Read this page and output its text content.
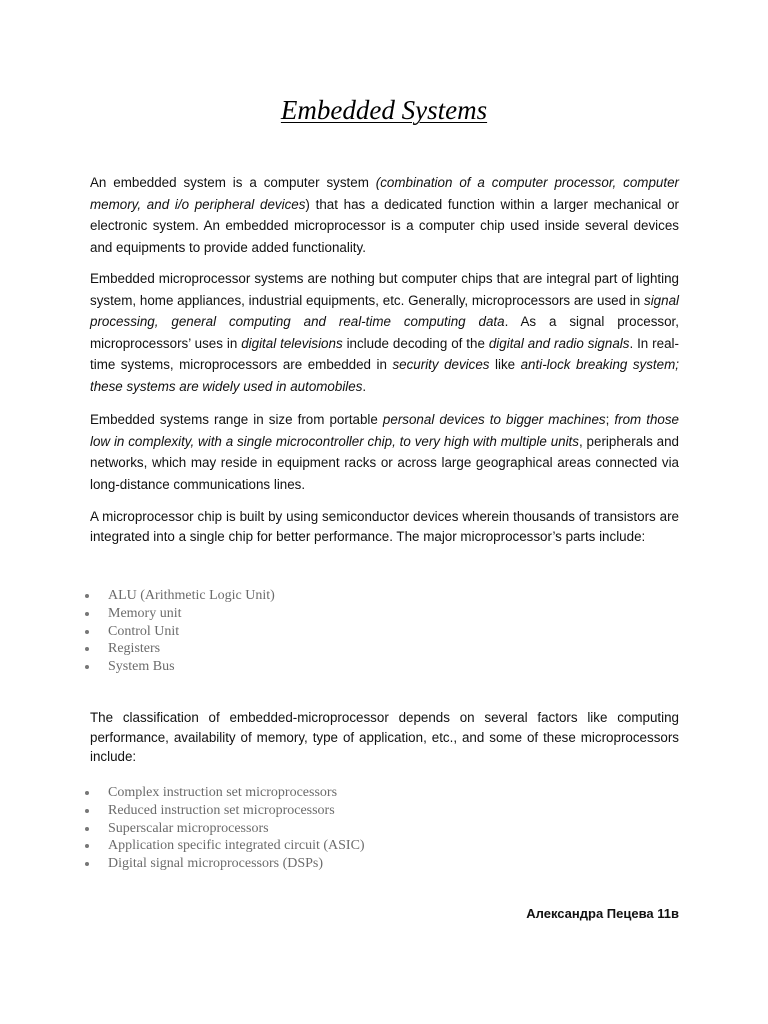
Embedded Systems

An embedded system is a computer system (combination of a computer processor, computer memory, and i/o peripheral devices) that has a dedicated function within a larger mechanical or electronic system. An embedded microprocessor is a computer chip used inside several devices and equipments to provide added functionality.

Embedded microprocessor systems are nothing but computer chips that are integral part of lighting system, home appliances, industrial equipments, etc. Generally, microprocessors are used in signal processing, general computing and real-time computing data. As a signal processor, microprocessors’ uses in digital televisions include decoding of the digital and radio signals. In real-time systems, microprocessors are embedded in security devices like anti-lock breaking system; these systems are widely used in automobiles.

Embedded systems range in size from portable personal devices to bigger machines; from those low in complexity, with a single microcontroller chip, to very high with multiple units, peripherals and networks, which may reside in equipment racks or across large geographical areas connected via long-distance communications lines.

A microprocessor chip is built by using semiconductor devices wherein thousands of transistors are integrated into a single chip for better performance. The major microprocessor’s parts include:

ALU (Arithmetic Logic Unit)
Memory unit
Control Unit
Registers
System Bus

The classification of embedded-microprocessor depends on several factors like computing performance, availability of memory, type of application, etc., and some of these microprocessors include:

Complex instruction set microprocessors
Reduced instruction set microprocessors
Superscalar microprocessors
Application specific integrated circuit (ASIC)
Digital signal microprocessors (DSPs)

Александра Пецева 11в
